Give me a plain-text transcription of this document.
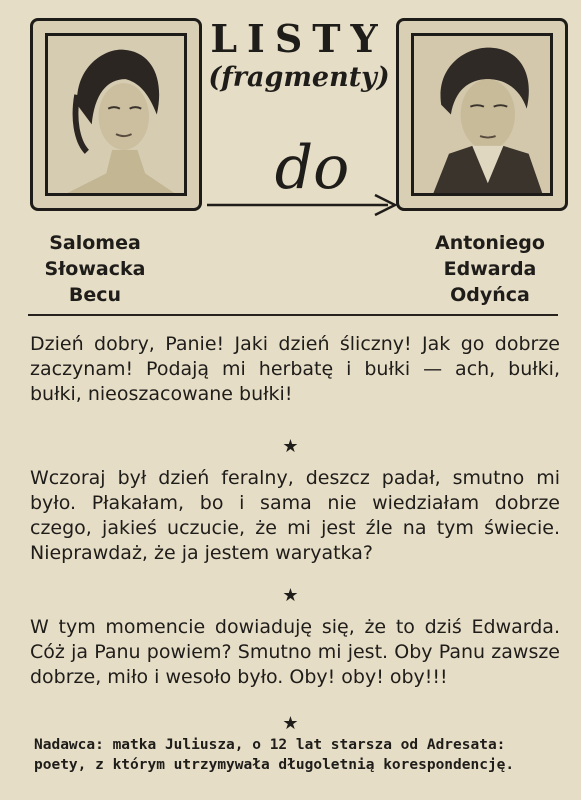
LISTY
(fragmenty)
do
Salomea
Słowacka
Becu
Antoniego
Edwarda
Odyńca
Dzień dobry, Panie! Jaki dzień śliczny! Jak go dobrze zaczynam! Podają mi herbatę i bułki — ach, bułki, bułki, nieoszacowane bułki!
★
Wczoraj był dzień feralny, deszcz padał, smutno mi było. Płakałam, bo i sama nie wiedziałam dobrze czego, jakieś uczucie, że mi jest źle na tym świecie. Nieprawdaż, że ja jestem waryatka?
★
W tym momencie dowiaduję się, że to dziś Edwarda. Cóż ja Panu powiem? Smutno mi jest. Oby Panu zawsze dobrze, miło i wesoło było. Oby! oby! oby!!!
★
Nadawca: matka Juliusza, o 12 lat starsza od Adresata: poety, z którym utrzymywała długoletnią korespondencję.
